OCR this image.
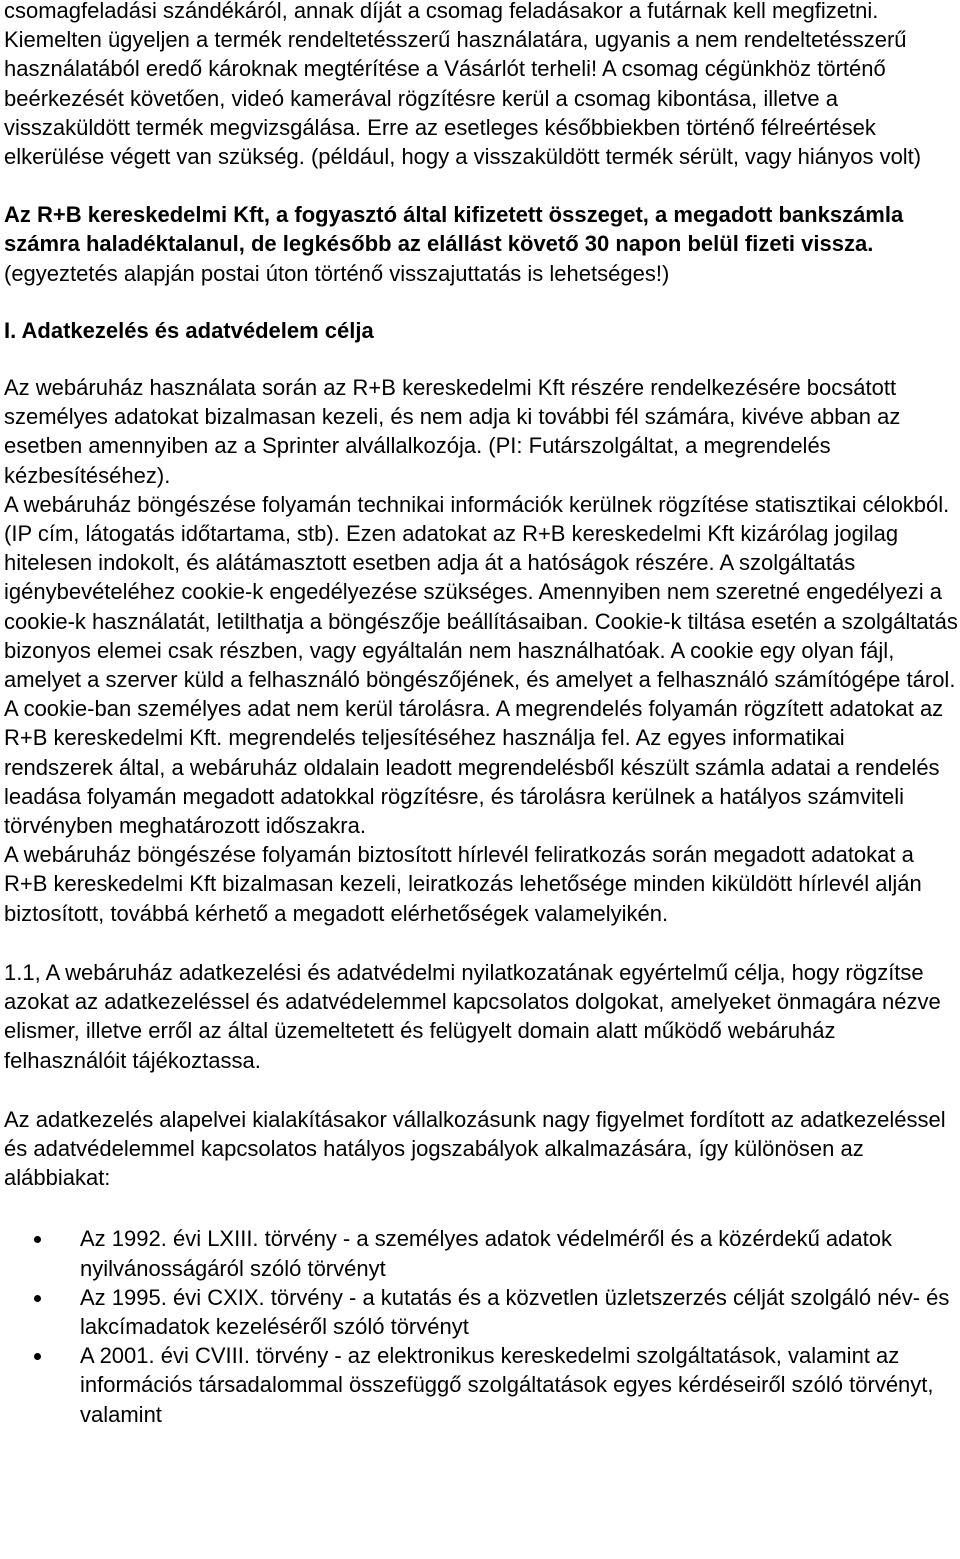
csomagfeladási szándékáról, annak díját a csomag feladásakor a futárnak kell megfizetni. Kiemelten ügyeljen a termék rendeltetésszerű használatára, ugyanis a nem rendeltetésszerű használatából eredő károknak megtérítése a Vásárlót terheli! A csomag cégünkhöz történő beérkezését követően, videó kamerával rögzítésre kerül a csomag kibontása, illetve a visszaküldött termék megvizsgálása. Erre az esetleges későbbiekben történő félreértések elkerülése végett van szükség. (például, hogy a visszaküldött termék sérült, vagy hiányos volt)

Az R+B kereskedelmi Kft, a fogyasztó által kifizetett összeget, a megadott bankszámla számra haladéktalanul, de legkésőbb az elállást követő 30 napon belül fizeti vissza. (egyeztetés alapján postai úton történő visszajuttatás is lehetséges!)

I. Adatkezelés és adatvédelem célja

Az webáruház használata során az R+B kereskedelmi Kft részére rendelkezésére bocsátott személyes adatokat bizalmasan kezeli, és nem adja ki további fél számára, kivéve abban az esetben amennyiben az a Sprinter alvállalkozója. (PI: Futárszolgáltat, a megrendelés kézbesítéséhez).

A webáruház böngészése folyamán technikai információk kerülnek rögzítése statisztikai célokból. (IP cím, látogatás időtartama, stb). Ezen adatokat az R+B kereskedelmi Kft kizárólag jogilag hitelesen indokolt, és alátámasztott esetben adja át a hatóságok részére. A szolgáltatás igénybevételéhez cookie-k engedélyezése szükséges. Amennyiben nem szeretné engedélyezi a cookie-k használatát, letilthatja a böngészője beállításaiban. Cookie-k tiltása esetén a szolgáltatás bizonyos elemei csak részben, vagy egyáltalán nem használhatóak. A cookie egy olyan fájl, amelyet a szerver küld a felhasználó böngészőjének, és amelyet a felhasználó számítógépe tárol. A cookie-ban személyes adat nem kerül tárolásra. A megrendelés folyamán rögzített adatokat az R+B kereskedelmi Kft. megrendelés teljesítéséhez használja fel. Az egyes informatikai rendszerek által, a webáruház oldalain leadott megrendelésből készült számla adatai a rendelés leadása folyamán megadott adatokkal rögzítésre, és tárolásra kerülnek a hatályos számviteli törvényben meghatározott időszakra.

A webáruház böngészése folyamán biztosított hírlevél feliratkozás során megadott adatokat a R+B kereskedelmi Kft bizalmasan kezeli, leiratkozás lehetősége minden kiküldött hírlevél alján biztosított, továbbá kérhető a megadott elérhetőségek valamelyikén.

1.1, A webáruház adatkezelési és adatvédelmi nyilatkozatának egyértelmű célja, hogy rögzítse azokat az adatkezeléssel és adatvédelemmel kapcsolatos dolgokat, amelyeket önmagára nézve elismer, illetve erről az által üzemeltetett és felügyelt domain alatt működő webáruház felhasználóit tájékoztassa.

Az adatkezelés alapelvei kialakításakor vállalkozásunk nagy figyelmet fordított az adatkezeléssel és adatvédelemmel kapcsolatos hatályos jogszabályok alkalmazására, így különösen az alábbiakat:

Az 1992. évi LXIII. törvény - a személyes adatok védelméről és a közérdekű adatok nyilvánosságáról szóló törvényt
Az 1995. évi CXIX. törvény - a kutatás és a közvetlen üzletszerzés célját szolgáló név- és lakcímadatok kezeléséről szóló törvényt
A 2001. évi CVIII. törvény - az elektronikus kereskedelmi szolgáltatások, valamint az információs társadalommal összefüggő szolgáltatások egyes kérdéseiről szóló törvényt, valamint
